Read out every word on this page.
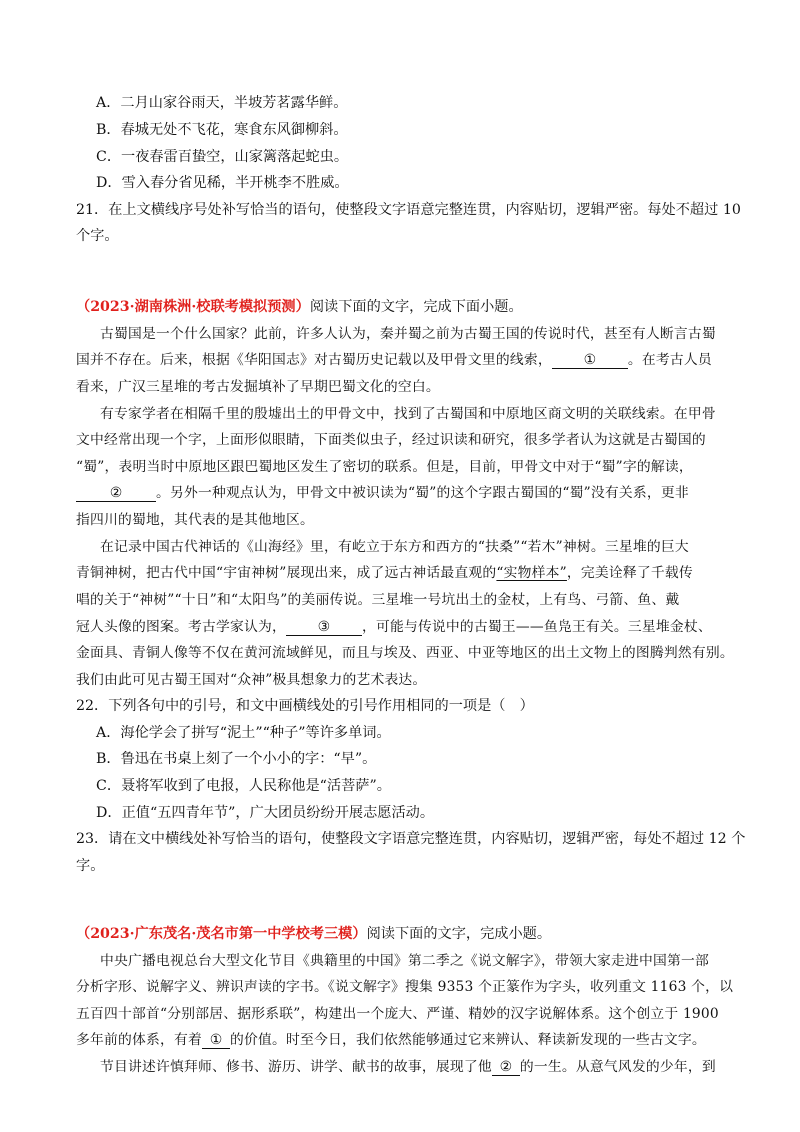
A．二月山家谷雨天，半坡芳茗露华鲜。
B．春城无处不飞花，寒食东风御柳斜。
C．一夜春雷百蛰空，山家篱落起蛇虫。
D．雪入春分省见稀，半开桃李不胜威。
21．在上文横线序号处补写恰当的语句，使整段文字语意完整连贯，内容贴切，逻辑严密。每处不超过 10
个字。
（2023·湖南株洲·校联考模拟预测）阅读下面的文字，完成下面小题。
古蜀国是一个什么国家？此前，许多人认为，秦并蜀之前为古蜀王国的传说时代，甚至有人断言古蜀
国并不存在。后来，根据《华阳国志》对古蜀历史记载以及甲骨文里的线索， ① 。在考古人员
看来，广汉三星堆的考古发掘填补了早期巴蜀文化的空白。
有专家学者在相隔千里的殷墟出土的甲骨文中，找到了古蜀国和中原地区商文明的关联线索。在甲骨
文中经常出现一个字，上面形似眼睛，下面类似虫子，经过识读和研究，很多学者认为这就是古蜀国的
“蜀”，表明当时中原地区跟巴蜀地区发生了密切的联系。但是，目前，甲骨文中对于“蜀”字的解读，
② 。另外一种观点认为，甲骨文中被识读为“蜀”的这个字跟古蜀国的“蜀”没有关系，更非
指四川的蜀地，其代表的是其他地区。
在记录中国古代神话的《山海经》里，有屹立于东方和西方的“扶桑”“若木”神树。三星堆的巨大
青铜神树，把古代中国“宇宙神树”展现出来，成了远古神话最直观的“实物样本”，完美诠释了千载传
唱的关于“神树”“十日”和“太阳鸟”的美丽传说。三星堆一号坑出土的金杖，上有鸟、弓箭、鱼、戴
冠人头像的图案。考古学家认为， ③ ，可能与传说中的古蜀王——鱼凫王有关。三星堆金杖、
金面具、青铜人像等不仅在黄河流域鲜见，而且与埃及、西亚、中亚等地区的出土文物上的图腾判然有别。
我们由此可见古蜀王国对“众神”极具想象力的艺术表达。
22．下列各句中的引号，和文中画横线处的引号作用相同的一项是（　）
A．海伦学会了拼写“泥土”“种子”等许多单词。
B．鲁迅在书桌上刻了一个小小的字：“早”。
C．聂将军收到了电报，人民称他是“活菩萨”。
D．正值“五四青年节”，广大团员纷纷开展志愿活动。
23．请在文中横线处补写恰当的语句，使整段文字语意完整连贯，内容贴切，逻辑严密，每处不超过 12 个
字。
（2023·广东茂名·茂名市第一中学校考三模）阅读下面的文字，完成小题。
中央广播电视总台大型文化节目《典籍里的中国》第二季之《说文解字》，带领大家走进中国第一部
分析字形、说解字义、辨识声读的字书。《说文解字》搜集 9353 个正篆作为字头，收列重文 1163 个，以
五百四十部首“分别部居、据形系联”，构建出一个庞大、严谨、精妙的汉字说解体系。这个创立于 1900
多年前的体系，有着 ① 的价值。时至今日，我们依然能够通过它来辨认、释读新发现的一些古文字。
节目讲述许慎拜师、修书、游历、讲学、献书的故事，展现了他 ② 的一生。从意气风发的少年，到
